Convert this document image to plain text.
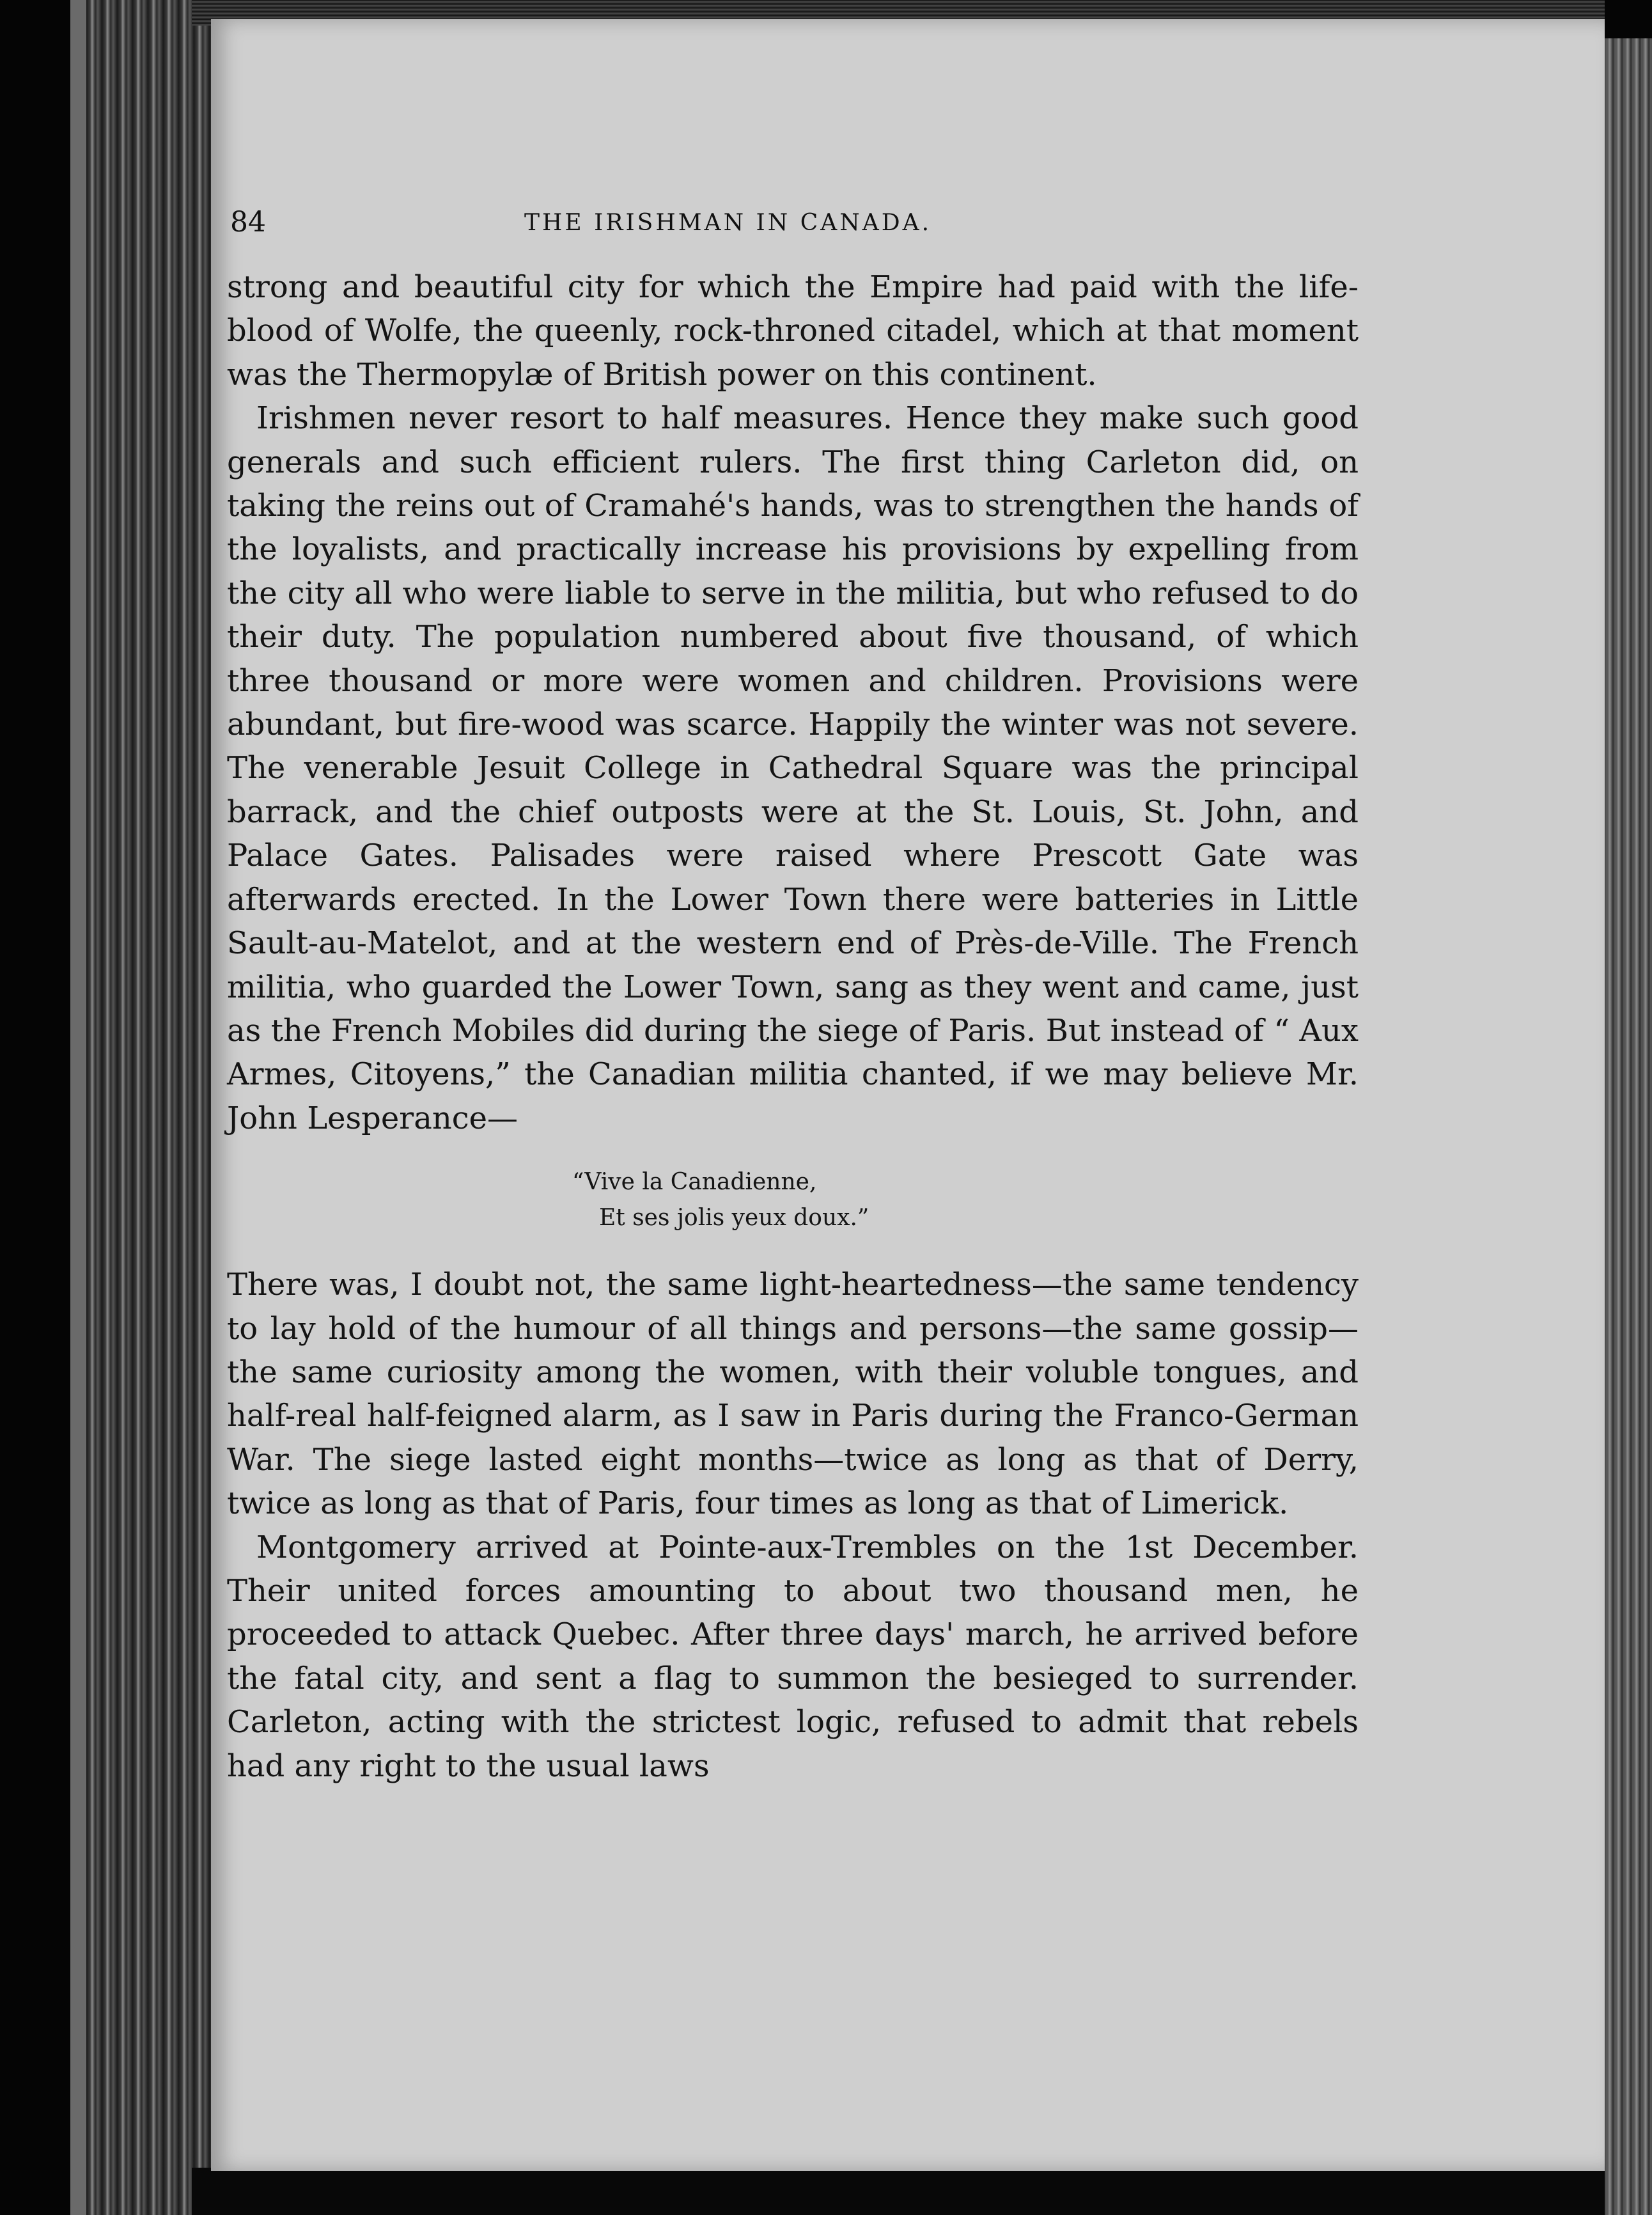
84	THE IRISHMAN IN CANADA.

strong and beautiful city for which the Empire had paid with the life-blood of Wolfe, the queenly, rock-throned citadel, which at that moment was the Thermopylæ of British power on this continent.

Irishmen never resort to half measures. Hence they make such good generals and such efficient rulers. The first thing Carleton did, on taking the reins out of Cramahé's hands, was to strengthen the hands of the loyalists, and practically increase his provisions by expelling from the city all who were liable to serve in the militia, but who refused to do their duty. The population numbered about five thousand, of which three thousand or more were women and children. Provisions were abundant, but fire-wood was scarce. Happily the winter was not severe. The venerable Jesuit College in Cathedral Square was the principal barrack, and the chief outposts were at the St. Louis, St. John, and Palace Gates. Palisades were raised where Prescott Gate was afterwards erected. In the Lower Town there were batteries in Little Sault-au-Matelot, and at the western end of Près-de-Ville. The French militia, who guarded the Lower Town, sang as they went and came, just as the French Mobiles did during the siege of Paris. But instead of “ Aux Armes, Citoyens,” the Canadian militia chanted, if we may believe Mr. John Lesperance—

“Vive la Canadienne,
Et ses jolis yeux doux.”

There was, I doubt not, the same light-heartedness—the same tendency to lay hold of the humour of all things and persons—the same gossip—the same curiosity among the women, with their voluble tongues, and half-real half-feigned alarm, as I saw in Paris during the Franco-German War. The siege lasted eight months—twice as long as that of Derry, twice as long as that of Paris, four times as long as that of Limerick.

Montgomery arrived at Pointe-aux-Trembles on the 1st December. Their united forces amounting to about two thousand men, he proceeded to attack Quebec. After three days' march, he arrived before the fatal city, and sent a flag to summon the besieged to surrender. Carleton, acting with the strictest logic, refused to admit that rebels had any right to the usual laws
